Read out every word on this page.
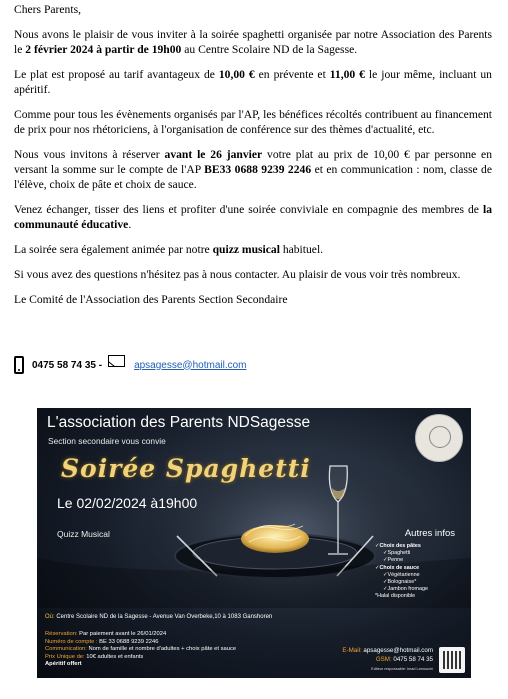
Chers Parents,

Nous avons le plaisir de vous inviter à la soirée spaghetti organisée par notre Association des Parents le 2 février 2024 à partir de 19h00 au Centre Scolaire ND de la Sagesse.

Le plat est proposé au tarif avantageux de 10,00 € en prévente et 11,00 € le jour même, incluant un apéritif.

Comme pour tous les évènements organisés par l'AP, les bénéfices récoltés contribuent au financement de prix pour nos rhétoriciens, à l'organisation de conférence sur des thèmes d'actualité, etc.

Nous vous invitons à réserver avant le 26 janvier votre plat au prix de 10,00 € par personne en versant la somme sur le compte de l'AP BE33 0688 9239 2246 et en communication : nom, classe de l'élève, choix de pâte et choix de sauce.

Venez échanger, tisser des liens et profiter d'une soirée conviviale en compagnie des membres de la communauté éducative.

La soirée sera également animée par notre quizz musical habituel.

Si vous avez des questions n'hésitez pas à nous contacter. Au plaisir de vous voir très nombreux.

Le Comité de l'Association des Parents Section Secondaire

0475 58 74 35 -	apsagesse@hotmail.com
L'association des Parents NDSagesse
Section secondaire vous convie
Soirée Spaghetti
Le 02/02/2024 à19h00
Quizz Musical	Autres infos
✓Choix des pâtes
✓Spaghetti
✓Penne
✓Choix de sauce
✓Végétarienne
✓Bolognaise*
✓Jambon fromage
*Halal disponible
Où: Centre Scolaire ND de la Sagesse - Avenue Van Overbeke,10 à 1083 Ganshoren
Réservation: Par paiement avant le 26/01/2024
Numéro de compte : BE 33 0688 9239 2246
Communication: Nom de famille et nombre d'adultes + choix pâte et sauce
Prix Unique de: 10€ adultes et enfants
Apéritif offert
E-Mail: apsagesse@hotmail.com
GSM: 0475 58 74 35
Editeur responsable: Imad Lamouchi
